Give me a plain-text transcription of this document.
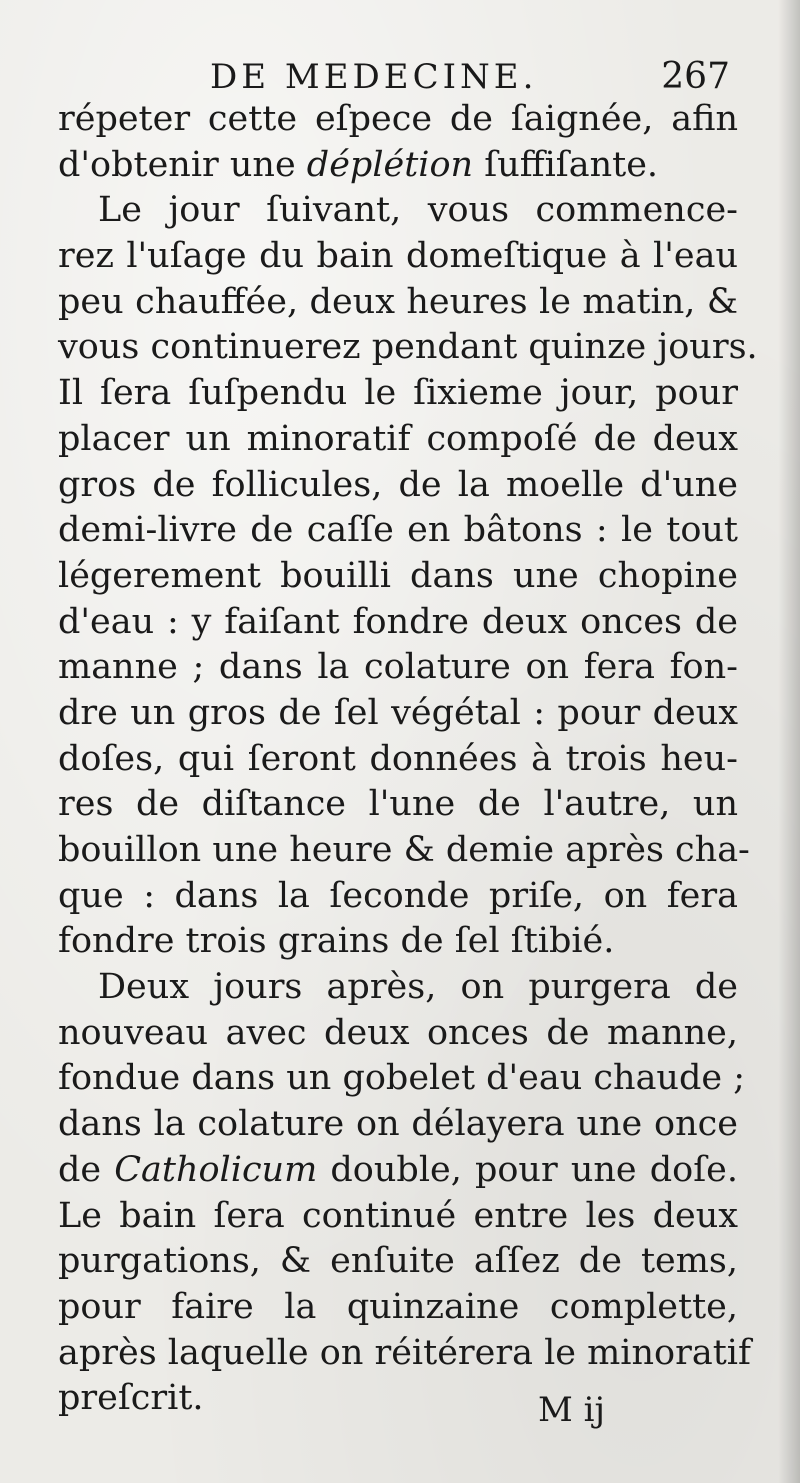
DE MEDECINE.	267
répeter cette eſpece de ſaignée, afin
d'obtenir une déplétion ſuffiſante.
Le jour ſuivant, vous commence-
rez l'uſage du bain domeſtique à l'eau
peu chauffée, deux heures le matin, &
vous continuerez pendant quinze jours.
Il ſera ſuſpendu le ſixieme jour, pour
placer un minoratif compoſé de deux
gros de follicules, de la moelle d'une
demi-livre de caſſe en bâtons : le tout
légerement bouilli dans une chopine
d'eau : y faiſant fondre deux onces de
manne ; dans la colature on fera fon-
dre un gros de ſel végétal : pour deux
doſes, qui ſeront données à trois heu-
res de diſtance l'une de l'autre, un
bouillon une heure & demie après cha-
que : dans la ſeconde priſe, on fera
fondre trois grains de ſel ſtibié.
Deux jours après, on purgera de
nouveau avec deux onces de manne,
fondue dans un gobelet d'eau chaude ;
dans la colature on délayera une once
de Catholicum double, pour une doſe.
Le bain ſera continué entre les deux
purgations, & enſuite aſſez de tems,
pour faire la quinzaine complette,
après laquelle on réitérera le minoratif
preſcrit.	M ij
